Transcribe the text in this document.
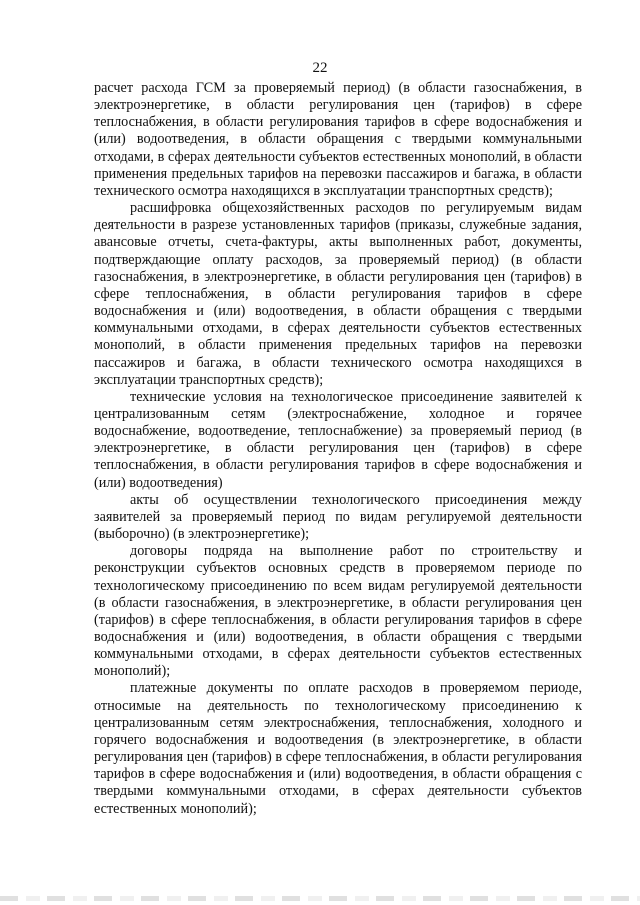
22

расчет расхода ГСМ за проверяемый период) (в области газоснабжения, в электроэнергетике, в области регулирования цен (тарифов) в сфере теплоснабжения, в области регулирования тарифов в сфере водоснабжения и (или) водоотведения, в области обращения с твердыми коммунальными отходами, в сферах деятельности субъектов естественных монополий, в области применения предельных тарифов на перевозки пассажиров и багажа, в области технического осмотра находящихся в эксплуатации транспортных средств);

расшифровка общехозяйственных расходов по регулируемым видам деятельности в разрезе установленных тарифов (приказы, служебные задания, авансовые отчеты, счета-фактуры, акты выполненных работ, документы, подтверждающие оплату расходов, за проверяемый период) (в области газоснабжения, в электроэнергетике, в области регулирования цен (тарифов) в сфере теплоснабжения, в области регулирования тарифов в сфере водоснабжения и (или) водоотведения, в области обращения с твердыми коммунальными отходами, в сферах деятельности субъектов естественных монополий, в области применения предельных тарифов на перевозки пассажиров и багажа, в области технического осмотра находящихся в эксплуатации транспортных средств);

технические условия на технологическое присоединение заявителей к централизованным сетям (электроснабжение, холодное и горячее водоснабжение, водоотведение, теплоснабжение) за проверяемый период (в электроэнергетике, в области регулирования цен (тарифов) в сфере теплоснабжения, в области регулирования тарифов в сфере водоснабжения и (или) водоотведения)

акты об осуществлении технологического присоединения между заявителей за проверяемый период по видам регулируемой деятельности (выборочно) (в электроэнергетике);

договоры подряда на выполнение работ по строительству и реконструкции субъектов основных средств в проверяемом периоде по технологическому присоединению по всем видам регулируемой деятельности (в области газоснабжения, в электроэнергетике, в области регулирования цен (тарифов) в сфере теплоснабжения, в области регулирования тарифов в сфере водоснабжения и (или) водоотведения, в области обращения с твердыми коммунальными отходами, в сферах деятельности субъектов естественных монополий);

платежные документы по оплате расходов в проверяемом периоде, относимые на деятельность по технологическому присоединению к централизованным сетям электроснабжения, теплоснабжения, холодного и горячего водоснабжения и водоотведения (в электроэнергетике, в области регулирования цен (тарифов) в сфере теплоснабжения, в области регулирования тарифов в сфере водоснабжения и (или) водоотведения, в области обращения с твердыми коммунальными отходами, в сферах деятельности субъектов естественных монополий);
